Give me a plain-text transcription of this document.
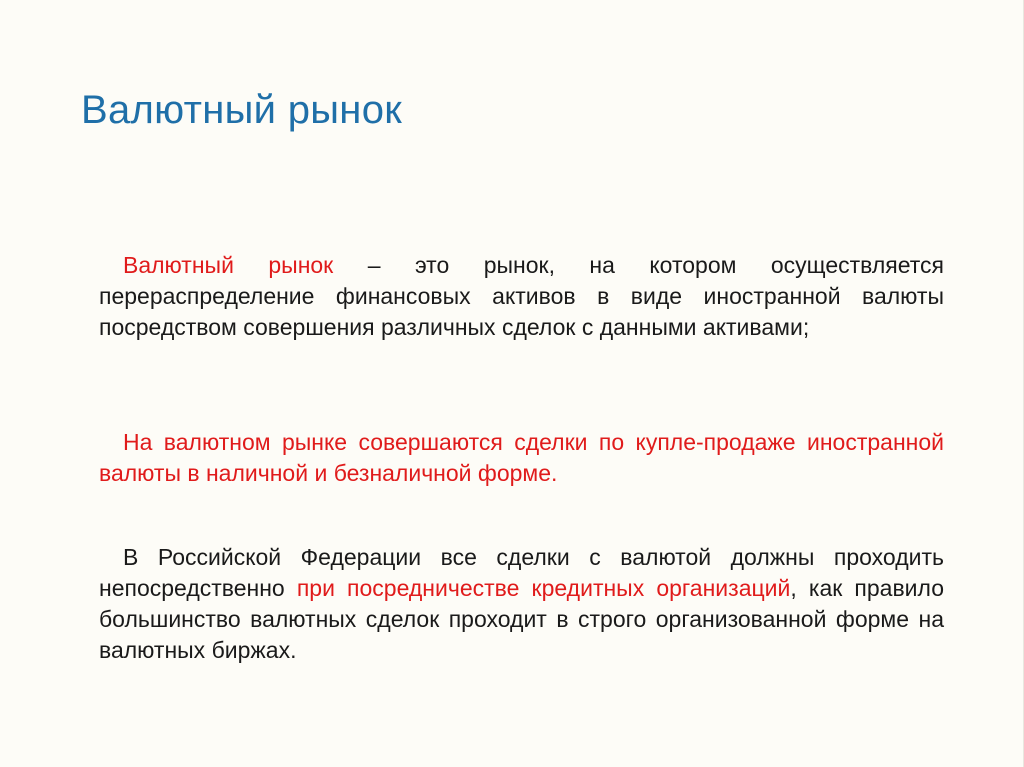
Валютный рынок

Валютный рынок – это рынок, на котором осуществляется перераспределение финансовых активов в виде иностранной валюты посредством совершения различных сделок с данными активами;

На валютном рынке совершаются сделки по купле-продаже иностранной валюты в наличной и безналичной форме.

В Российской Федерации все сделки с валютой должны проходить непосредственно при посредничестве кредитных организаций, как правило большинство валютных сделок проходит в строго организованной форме на валютных биржах.
